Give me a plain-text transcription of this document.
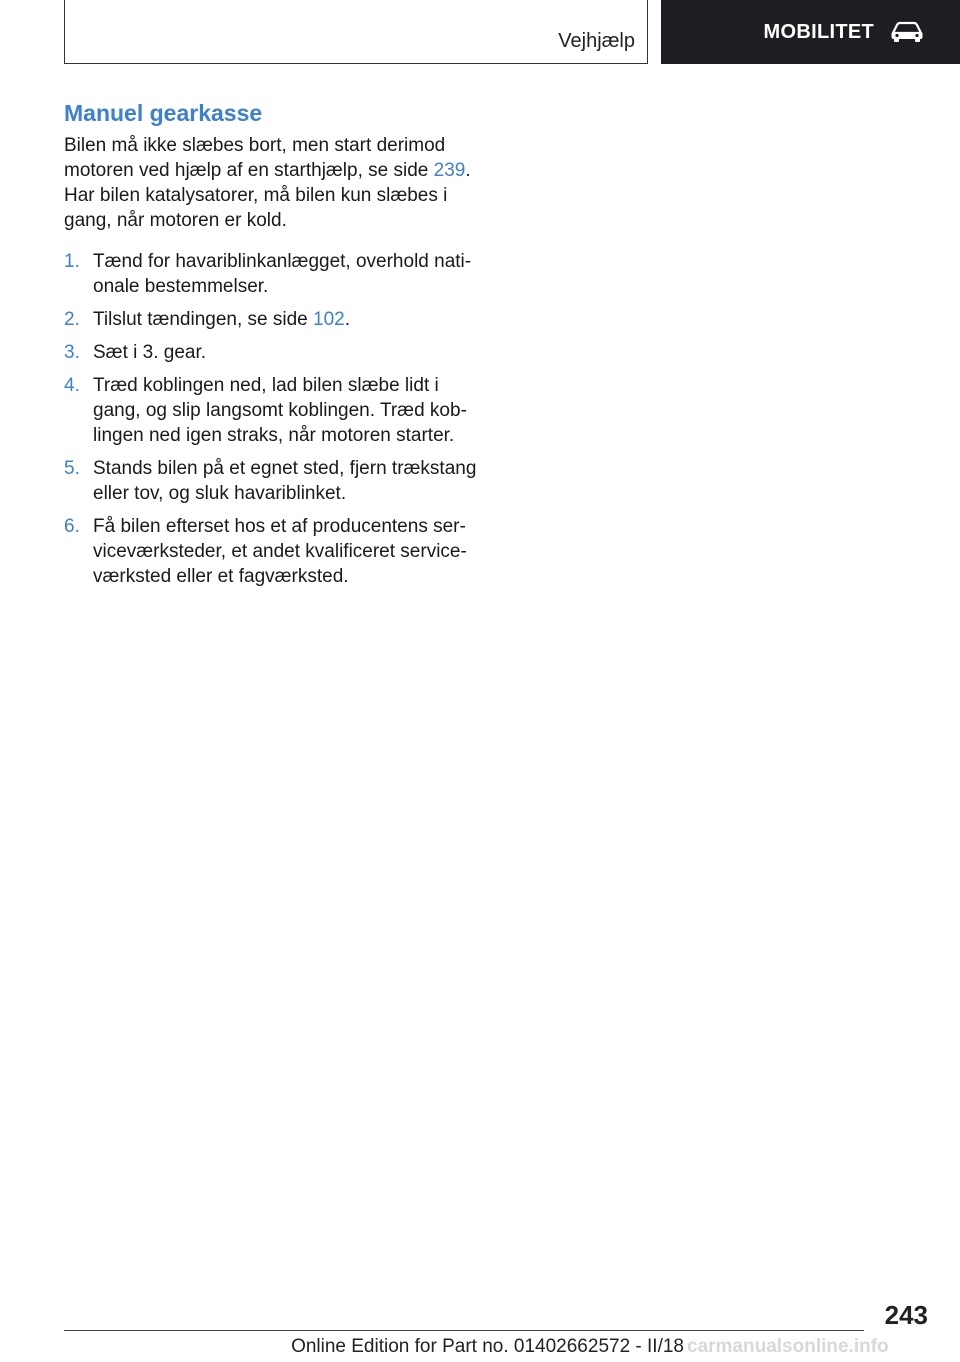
Vejhjælp	MOBILITET
Manuel gearkasse

Bilen må ikke slæbes bort, men start derimod motoren ved hjælp af en starthjælp, se side 239.

Har bilen katalysatorer, må bilen kun slæbes i gang, når motoren er kold.

1. Tænd for havariblinkanlægget, overhold nationale bestemmelser.
2. Tilslut tændingen, se side 102.
3. Sæt i 3. gear.
4. Træd koblingen ned, lad bilen slæbe lidt i gang, og slip langsomt koblingen. Træd koblingen ned igen straks, når motoren starter.
5. Stands bilen på et egnet sted, fjern trækstang eller tov, og sluk havariblinket.
6. Få bilen efterset hos et af producentens serviceværksteder, et andet kvalificeret serviceværksted eller et fagværksted.
243
Online Edition for Part no. 01402662572 - II/18 carmanualsonline.info
